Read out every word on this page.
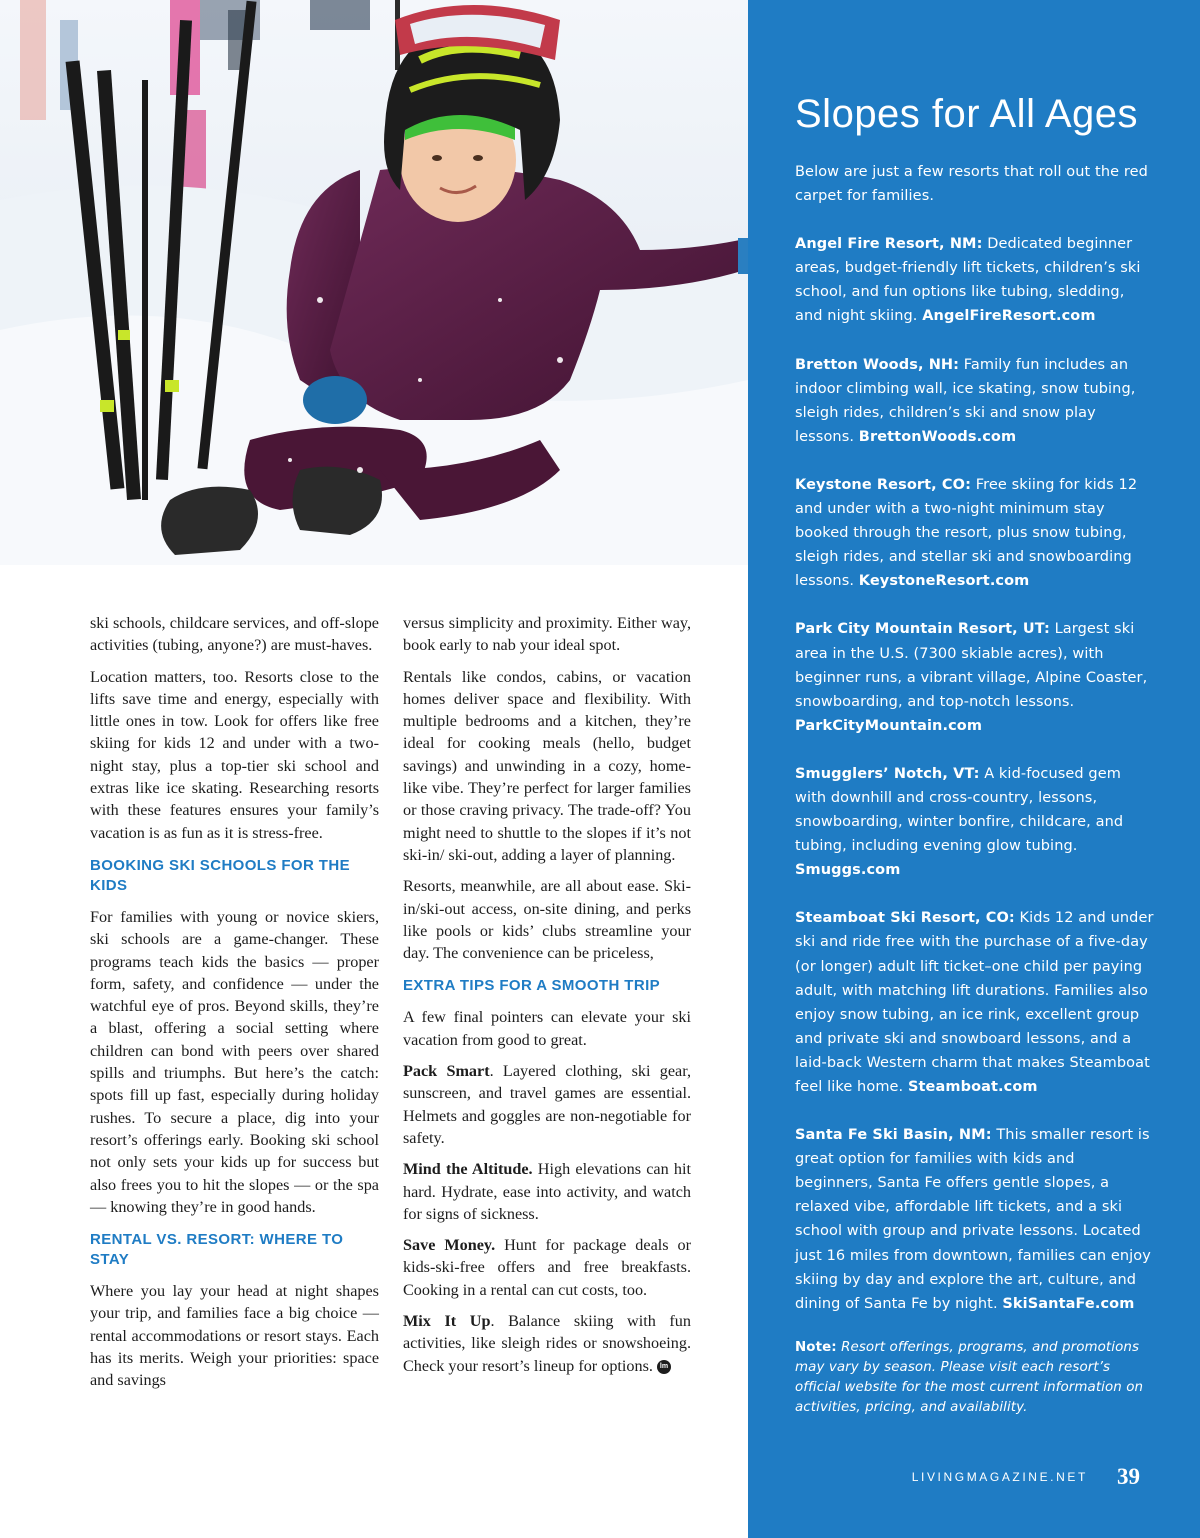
ski schools, childcare services, and off-slope activities (tubing, anyone?) are must-haves.

Location matters, too. Resorts close to the lifts save time and energy, especially with little ones in tow. Look for offers like free skiing for kids 12 and under with a two-night stay, plus a top-tier ski school and extras like ice skating. Researching resorts with these features ensures your family’s vacation is as fun as it is stress-free.

BOOKING SKI SCHOOLS FOR THE KIDS

For families with young or novice skiers, ski schools are a game-changer. These programs teach kids the basics — proper form, safety, and confidence — under the watchful eye of pros. Beyond skills, they’re a blast, offering a social setting where children can bond with peers over shared spills and triumphs. But here’s the catch: spots fill up fast, especially during holiday rushes. To secure a place, dig into your resort’s offerings early. Booking ski school not only sets your kids up for success but also frees you to hit the slopes — or the spa — knowing they’re in good hands.

RENTAL VS. RESORT: WHERE TO STAY

Where you lay your head at night shapes your trip, and families face a big choice — rental accommodations or resort stays. Each has its merits. Weigh your priorities: space and savings

versus simplicity and proximity. Either way, book early to nab your ideal spot.

Rentals like condos, cabins, or vacation homes deliver space and flexibility. With multiple bedrooms and a kitchen, they’re ideal for cooking meals (hello, budget savings) and unwinding in a cozy, home-like vibe. They’re perfect for larger families or those craving privacy. The trade-off? You might need to shuttle to the slopes if it’s not ski-in/ ski-out, adding a layer of planning.

Resorts, meanwhile, are all about ease. Ski-in/ski-out access, on-site dining, and perks like pools or kids’ clubs streamline your day. The convenience can be priceless,

EXTRA TIPS FOR A SMOOTH TRIP

A few final pointers can elevate your ski vacation from good to great.

Pack Smart. Layered clothing, ski gear, sunscreen, and travel games are essential. Helmets and goggles are non-negotiable for safety.

Mind the Altitude. High elevations can hit hard. Hydrate, ease into activity, and watch for signs of sickness.

Save Money. Hunt for package deals or kids-ski-free offers and free breakfasts. Cooking in a rental can cut costs, too.

Mix It Up. Balance skiing with fun activities, like sleigh rides or snowshoeing. Check your resort’s lineup for options. lm

Slopes for All Ages

Below are just a few resorts that roll out the red carpet for families.

Angel Fire Resort, NM: Dedicated beginner areas, budget-friendly lift tickets, children’s ski school, and fun options like tubing, sledding, and night skiing. AngelFireResort.com

Bretton Woods, NH: Family fun includes an indoor climbing wall, ice skating, snow tubing, sleigh rides, children’s ski and snow play lessons. BrettonWoods.com

Keystone Resort, CO: Free skiing for kids 12 and under with a two-night minimum stay booked through the resort, plus snow tubing, sleigh rides, and stellar ski and snowboarding lessons. KeystoneResort.com

Park City Mountain Resort, UT: Largest ski area in the U.S. (7300 skiable acres), with beginner runs, a vibrant village, Alpine Coaster, snowboarding, and top-notch lessons. ParkCityMountain.com

Smugglers’ Notch, VT: A kid-focused gem with downhill and cross-country, lessons, snowboarding, winter bonfire, childcare, and tubing, including evening glow tubing. Smuggs.com

Steamboat Ski Resort, CO: Kids 12 and under ski and ride free with the purchase of a five-day (or longer) adult lift ticket–one child per paying adult, with matching lift durations. Families also enjoy snow tubing, an ice rink, excellent group and private ski and snowboard lessons, and a laid-back Western charm that makes Steamboat feel like home. Steamboat.com

Santa Fe Ski Basin, NM: This smaller resort is great option for families with kids and beginners, Santa Fe offers gentle slopes, a relaxed vibe, affordable lift tickets, and a ski school with group and private lessons. Located just 16 miles from downtown, families can enjoy skiing by day and explore the art, culture, and dining of Santa Fe by night. SkiSantaFe.com

Note: Resort offerings, programs, and promotions may vary by season. Please visit each resort’s official website for the most current information on activities, pricing, and availability.

LIVINGMAGAZINE.NET 39
